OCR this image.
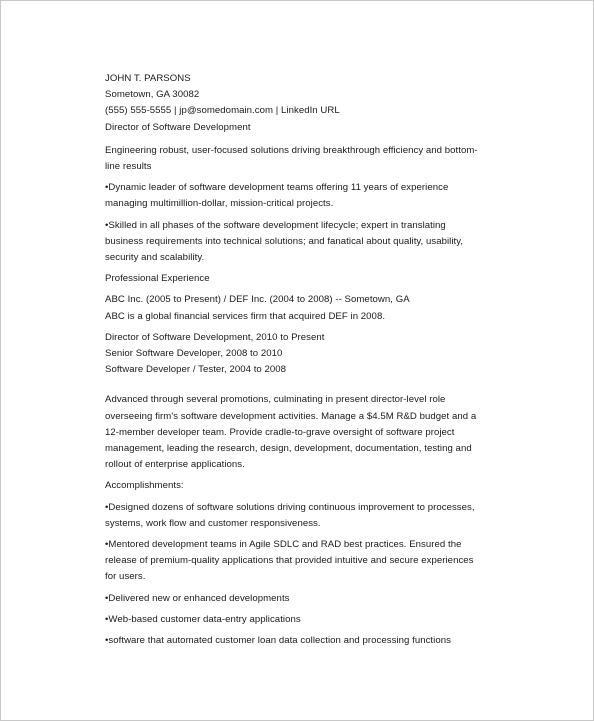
JOHN T. PARSONS
Sometown, GA 30082
(555) 555-5555 | jp@somedomain.com | LinkedIn URL
Director of Software Development
Engineering robust, user-focused solutions driving breakthrough efficiency and bottom-
line results
•Dynamic leader of software development teams offering 11 years of experience
managing multimillion-dollar, mission-critical projects.
•Skilled in all phases of the software development lifecycle; expert in translating
business requirements into technical solutions; and fanatical about quality, usability,
security and scalability.
Professional Experience
ABC Inc. (2005 to Present) / DEF Inc. (2004 to 2008) -- Sometown, GA
ABC is a global financial services firm that acquired DEF in 2008.
Director of Software Development, 2010 to Present
Senior Software Developer, 2008 to 2010
Software Developer / Tester, 2004 to 2008
Advanced through several promotions, culminating in present director-level role
overseeing firm's software development activities. Manage a $4.5M R&D budget and a
12-member developer team. Provide cradle-to-grave oversight of software project
management, leading the research, design, development, documentation, testing and
rollout of enterprise applications.
Accomplishments:
•Designed dozens of software solutions driving continuous improvement to processes,
systems, work flow and customer responsiveness.
•Mentored development teams in Agile SDLC and RAD best practices. Ensured the
release of premium-quality applications that provided intuitive and secure experiences
for users.
•Delivered new or enhanced developments
•Web-based customer data-entry applications
•software that automated customer loan data collection and processing functions
